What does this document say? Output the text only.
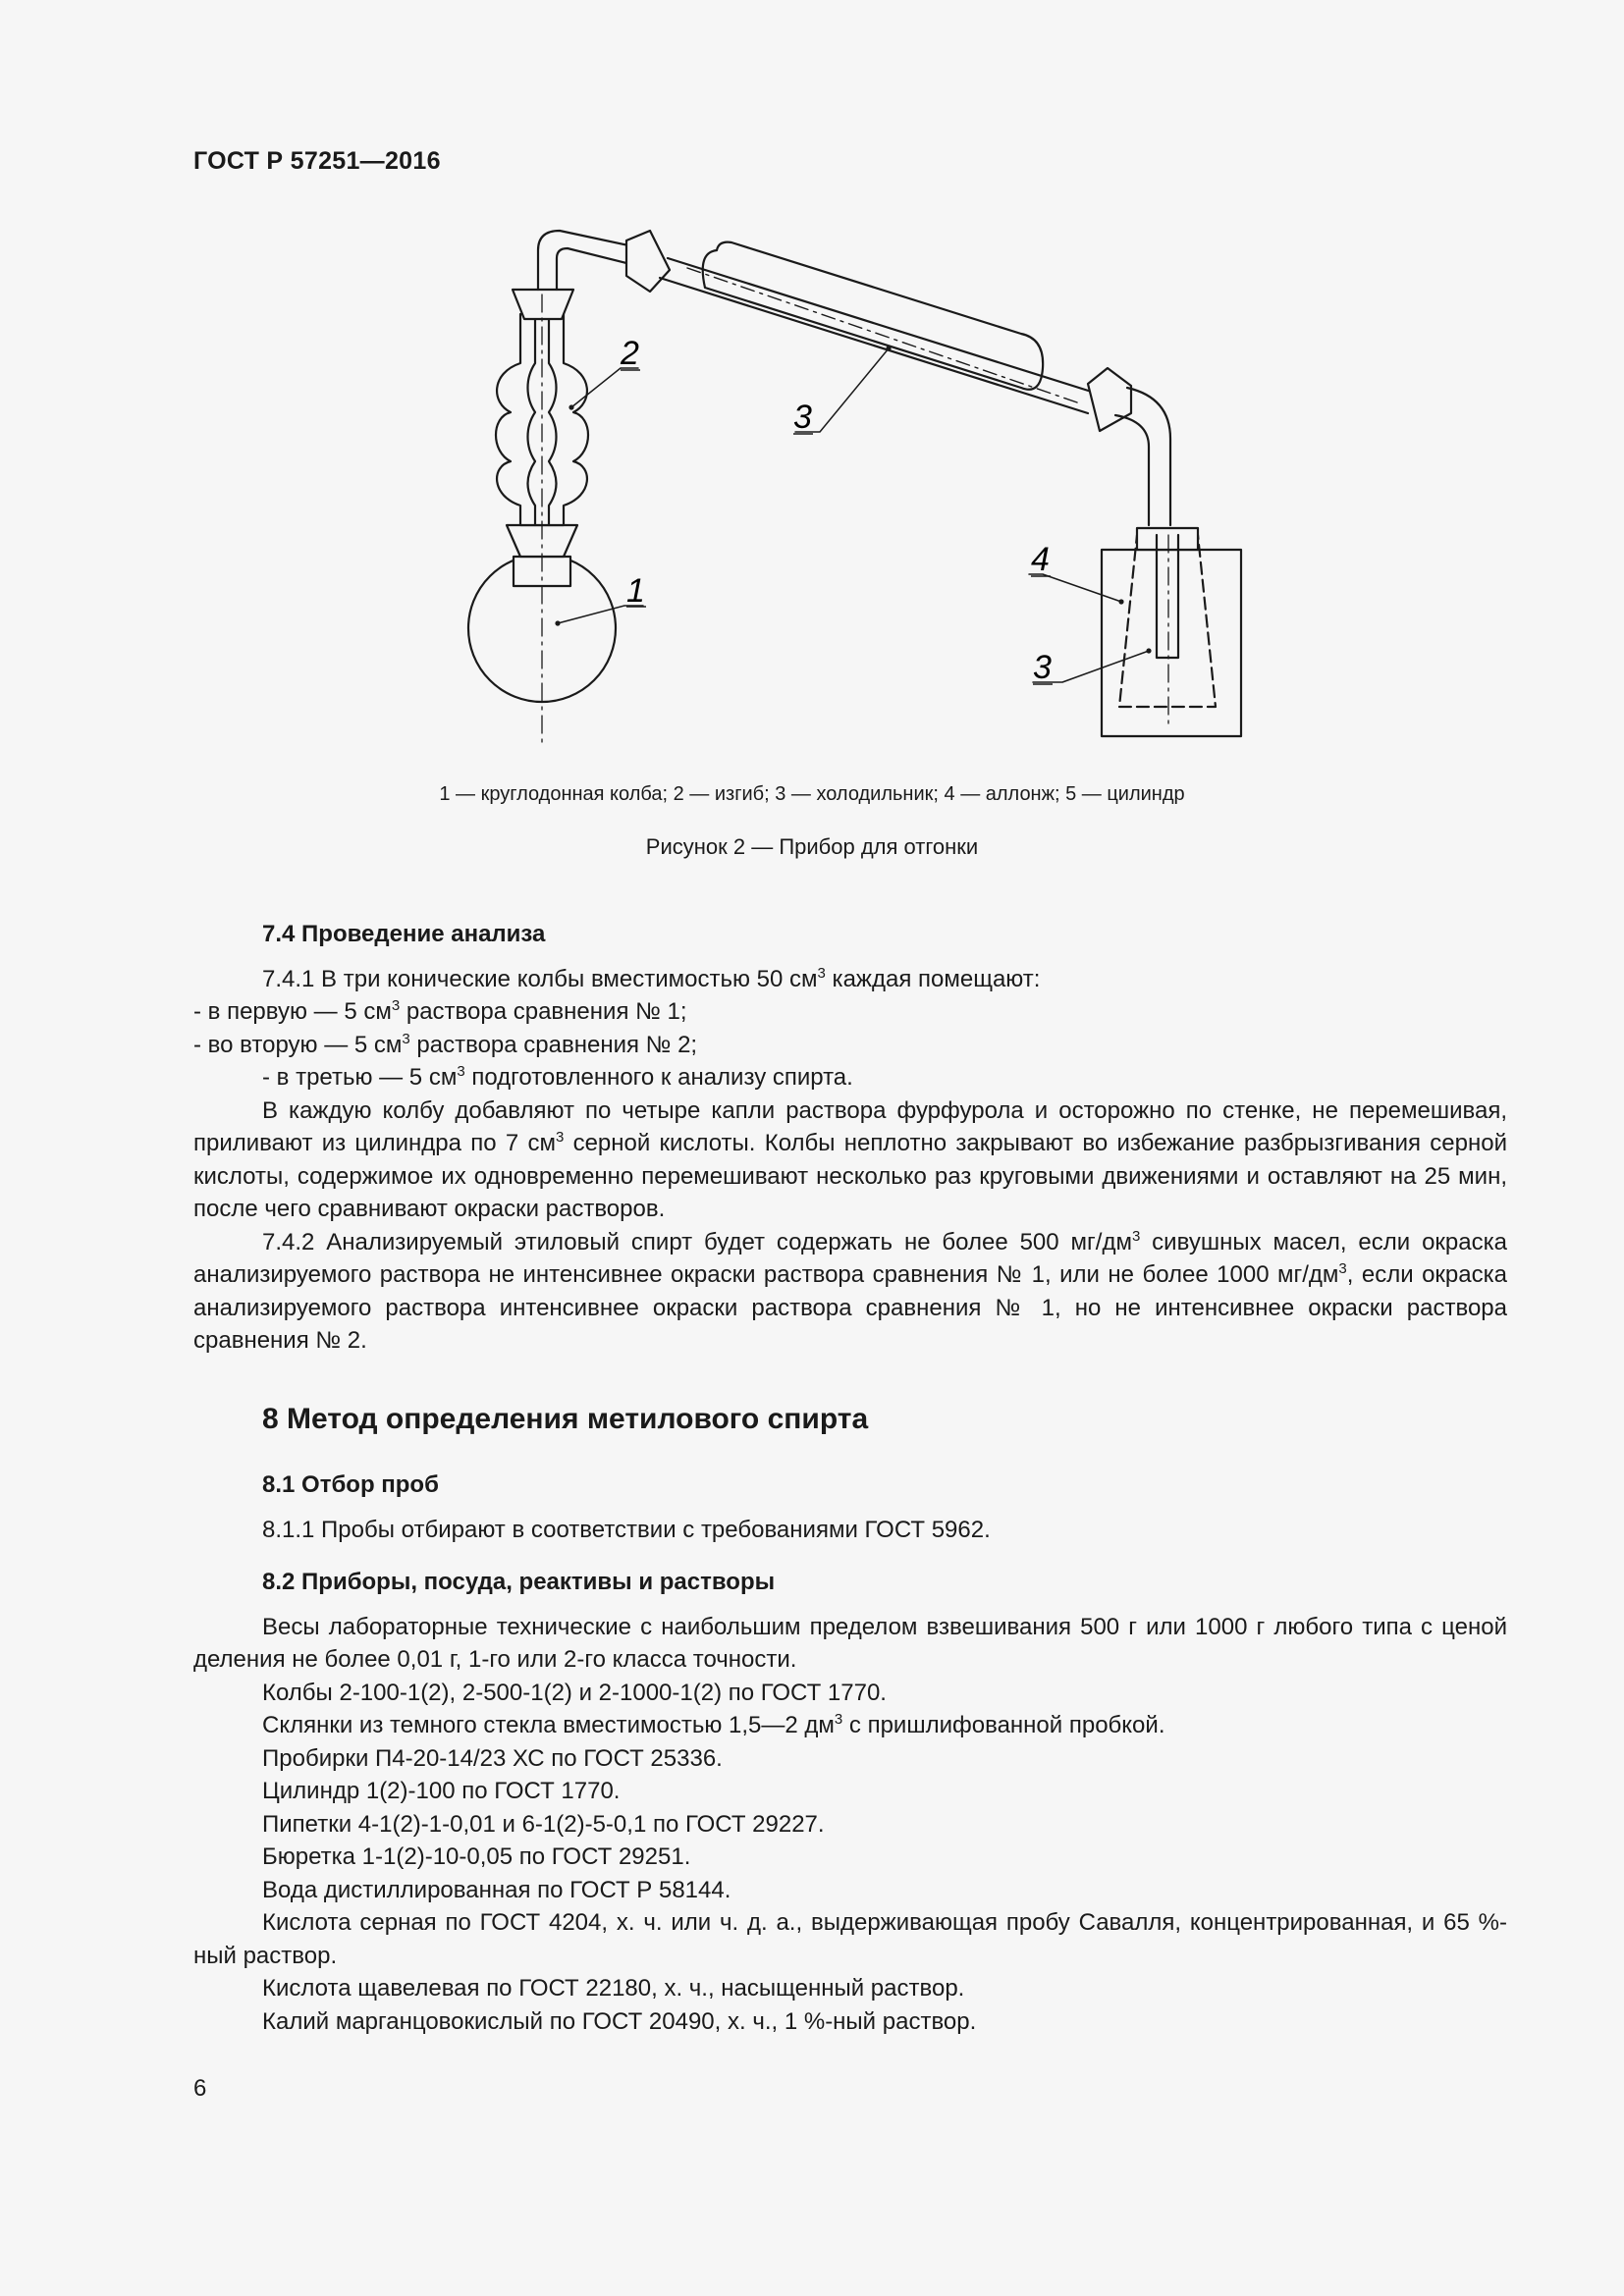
ГОСТ Р 57251—2016
1
2
3
3
4
1 — круглодонная колба; 2 — изгиб; 3 — холодильник; 4 — аллонж; 5 — цилиндр
Рисунок 2 — Прибор для отгонки

7.4 Проведение анализа

7.4.1 В три конические колбы вместимостью 50 $см^3$ каждая помещают:

- в первую — 5 $см^3$ раствора сравнения № 1;

- во вторую — 5 $см^3$ раствора сравнения № 2;

- в третью — 5 $см^3$ подготовленного к анализу спирта.

В каждую колбу добавляют по четыре капли раствора фурфурола и осторожно по стенке, не перемешивая, приливают из цилиндра по 7 $см^3$ серной кислоты. Колбы неплотно закрывают во избежание разбрызгивания серной кислоты, содержимое их одновременно перемешивают несколько раз круговыми движениями и оставляют на 25 мин, после чего сравнивают окраски растворов.

7.4.2 Анализируемый этиловый спирт будет содержать не более 500 $мг/дм^3$ сивушных масел, если окраска анализируемого раствора не интенсивнее окраски раствора сравнения № 1, или не более 1000 $мг/дм^3$, если окраска анализируемого раствора интенсивнее окраски раствора сравнения № 1, но не интенсивнее окраски раствора сравнения № 2.

8 Метод определения метилового спирта

8.1 Отбор проб

8.1.1 Пробы отбирают в соответствии с требованиями ГОСТ 5962.

8.2 Приборы, посуда, реактивы и растворы

Весы лабораторные технические с наибольшим пределом взвешивания 500 г или 1000 г любого типа с ценой деления не более 0,01 г, 1-го или 2-го класса точности.

Колбы 2-100-1(2), 2-500-1(2) и 2-1000-1(2) по ГОСТ 1770.

Склянки из темного стекла вместимостью 1,5—2 $дм^3$ с пришлифованной пробкой.

Пробирки П4-20-14/23 ХС по ГОСТ 25336.

Цилиндр 1(2)-100 по ГОСТ 1770.

Пипетки 4-1(2)-1-0,01 и 6-1(2)-5-0,1 по ГОСТ 29227.

Бюретка 1-1(2)-10-0,05 по ГОСТ 29251.

Вода дистиллированная по ГОСТ Р 58144.

Кислота серная по ГОСТ 4204, х. ч. или ч. д. а., выдерживающая пробу Савалля, концентрированная, и 65 %-ный раствор.

Кислота щавелевая по ГОСТ 22180, х. ч., насыщенный раствор.

Калий марганцовокислый по ГОСТ 20490, х. ч., 1 %-ный раствор.

6
